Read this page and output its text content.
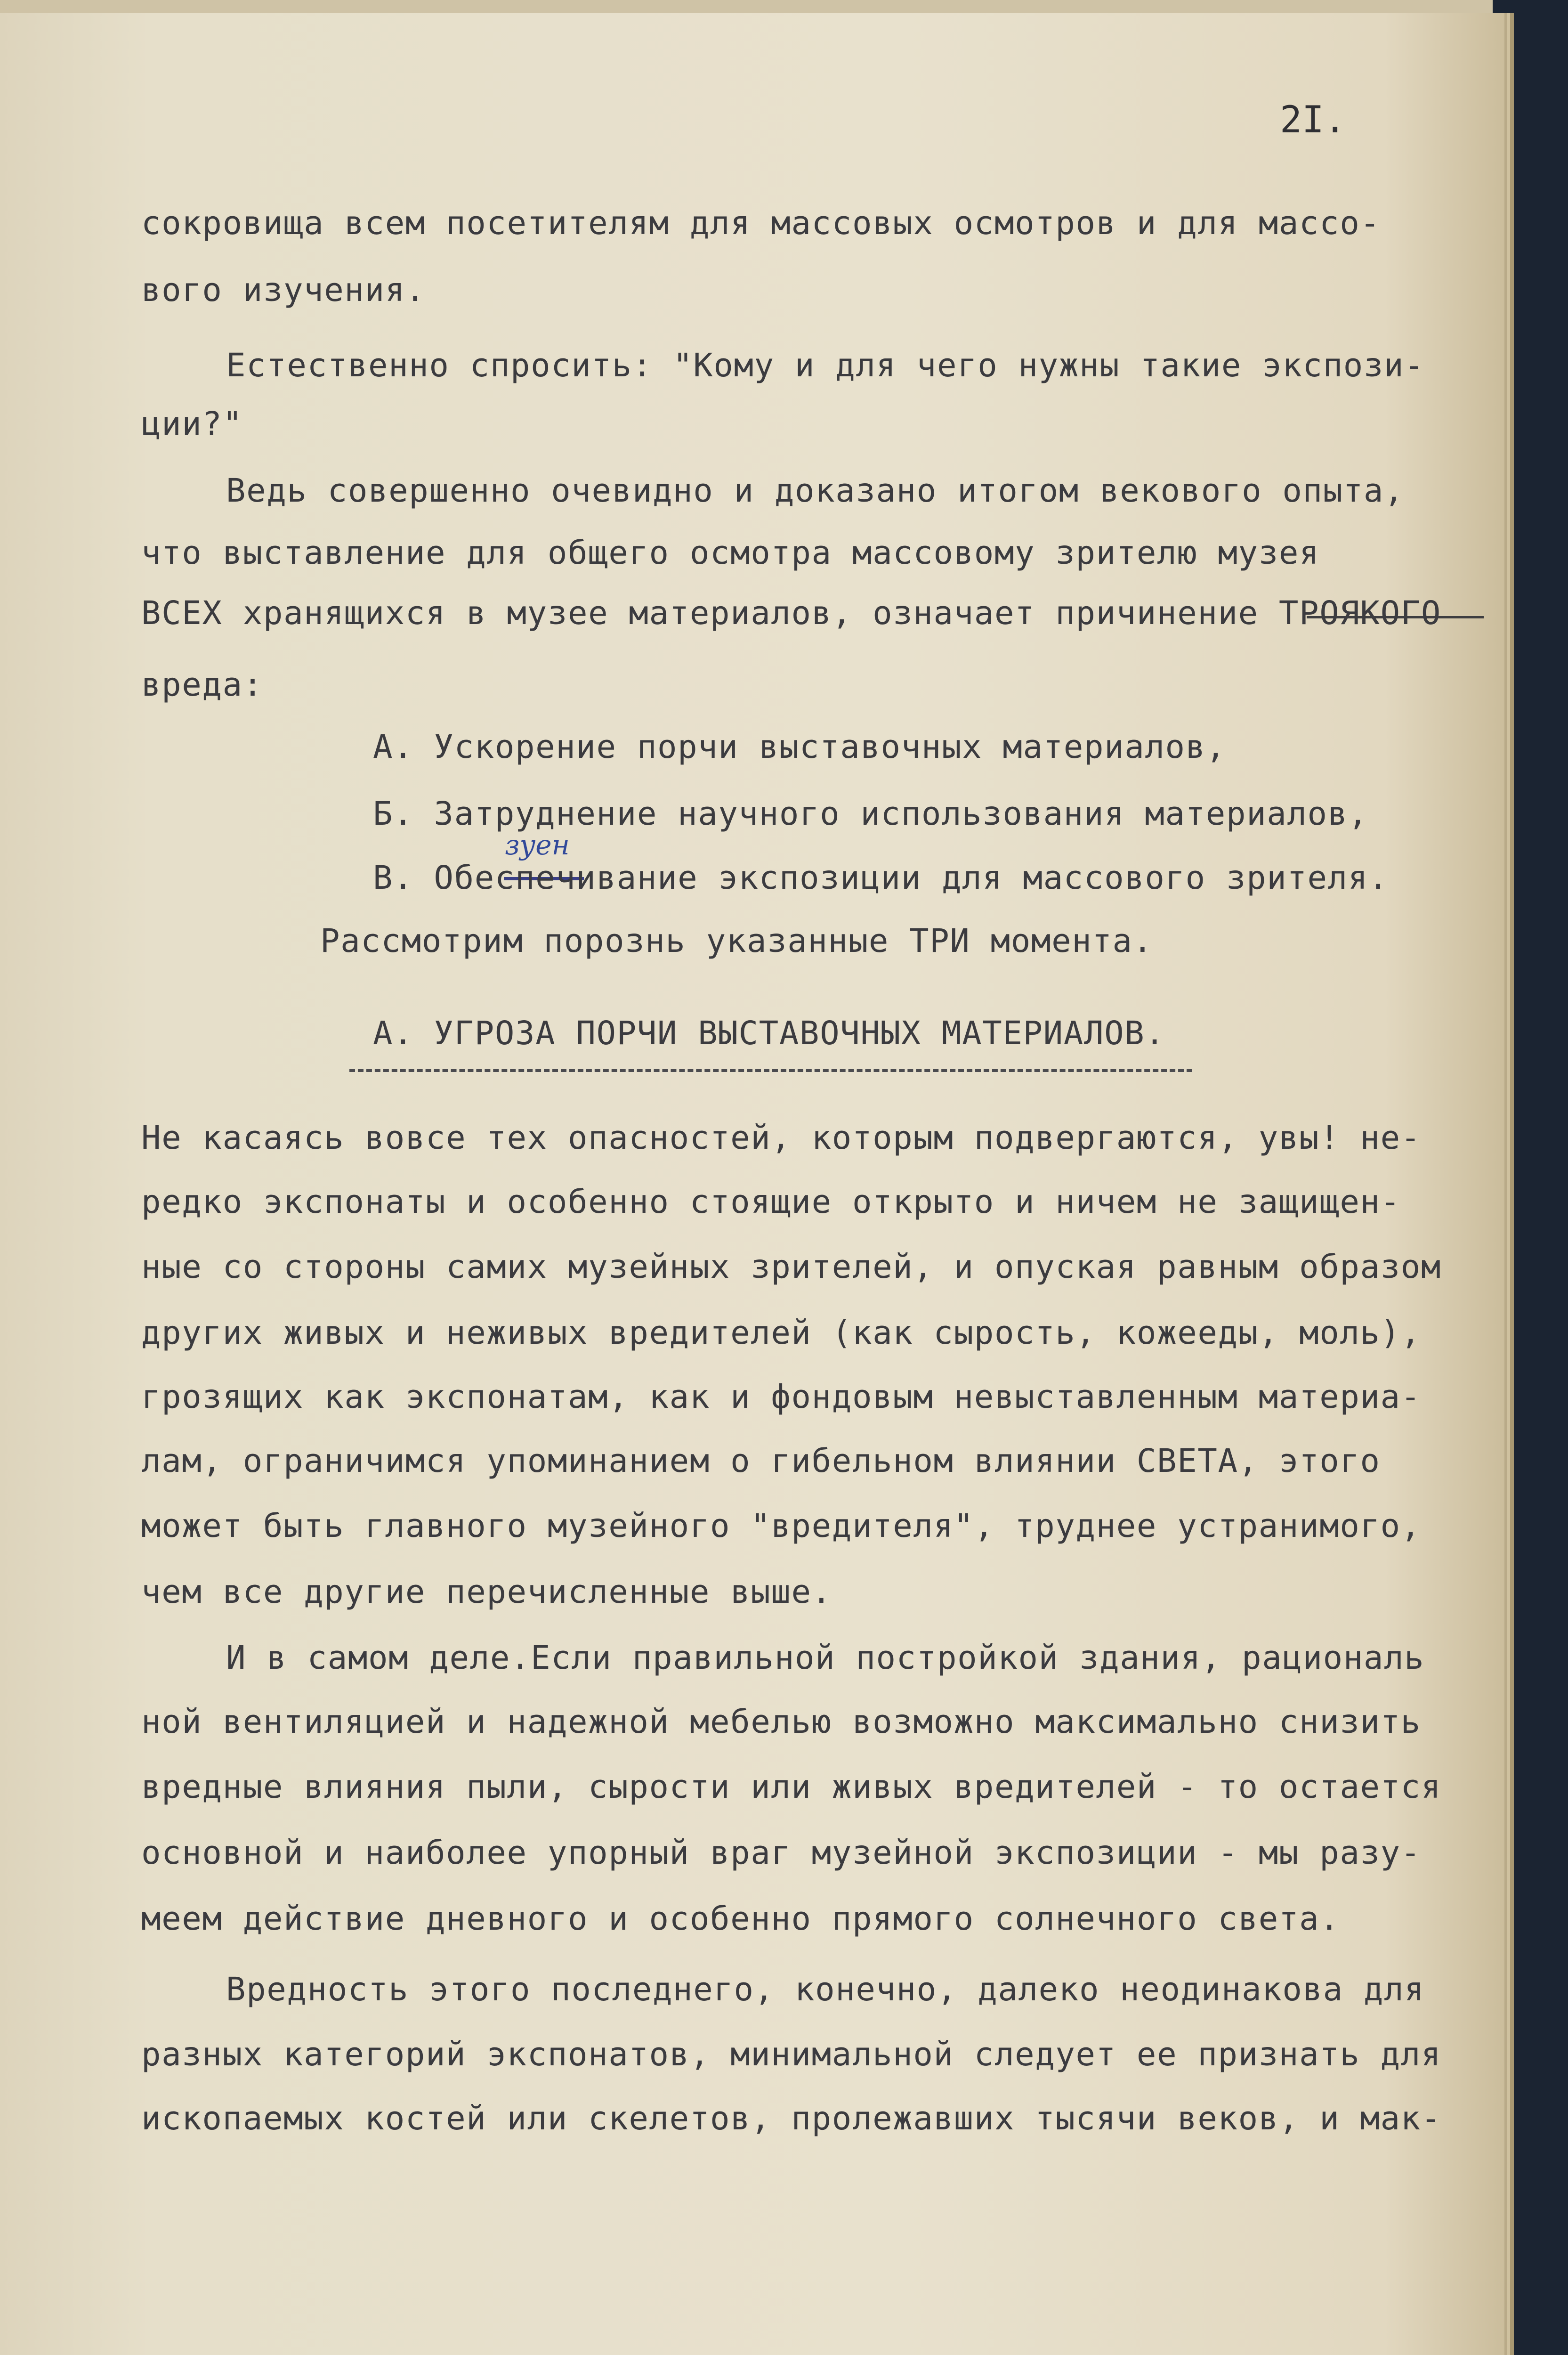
2I.

сокровища всем посетителям для массовых осмотров и для массо-

вого изучения.

Естественно спросить: "Кому и для чего нужны такие экспози-

ции?"

Ведь совершенно очевидно и доказано итогом векового опыта,

что выставление для общего осмотра массовому зрителю музея

ВСЕХ хранящихся в музее материалов, означает причинение ТРОЯКОГО

вреда:

А. Ускорение порчи выставочных материалов,

Б. Затруднение научного использования материалов,

зуен

В. Обеспечивание экспозиции для массового зрителя.

Рассмотрим порознь указанные ТРИ момента.

А. УГРОЗА ПОРЧИ ВЫСТАВОЧНЫХ МАТЕРИАЛОВ.

Не касаясь вовсе тех опасностей, которым подвергаются, увы! не-

редко экспонаты и особенно стоящие открыто и ничем не защищен-

ные со стороны самих музейных зрителей, и опуская равным образом

других живых и неживых вредителей (как сырость, кожееды, моль),

грозящих как экспонатам, как и фондовым невыставленным материа-

лам, ограничимся упоминанием о гибельном влиянии СВЕТА, этого

может быть главного музейного "вредителя", труднее устранимого,

чем все другие перечисленные выше.

И в самом деле.Если правильной постройкой здания, рациональ

ной вентиляцией и надежной мебелью возможно максимально снизить

вредные влияния пыли, сырости или живых вредителей - то остается

основной и наиболее упорный враг музейной экспозиции - мы разу-

меем действие дневного и особенно прямого солнечного света.

Вредность этого последнего, конечно, далеко неодинакова для

разных категорий экспонатов, минимальной следует ее признать для

ископаемых костей или скелетов, пролежавших тысячи веков, и мак-
